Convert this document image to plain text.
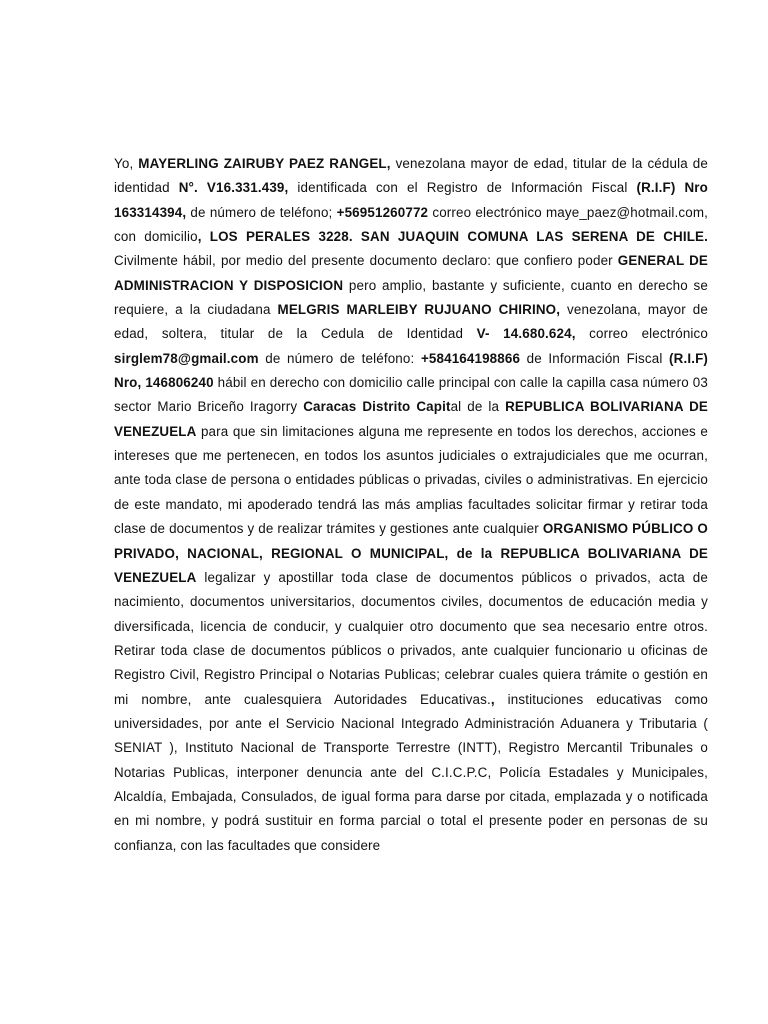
Yo, MAYERLING ZAIRUBY PAEZ RANGEL, venezolana mayor de edad, titular de la cédula de identidad N°. V16.331.439, identificada con el Registro de Información Fiscal (R.I.F) Nro 163314394, de número de teléfono; +56951260772 correo electrónico maye_paez@hotmail.com, con domicilio, LOS PERALES 3228. SAN JUAQUIN COMUNA LAS SERENA DE CHILE. Civilmente hábil, por medio del presente documento declaro: que confiero poder GENERAL DE ADMINISTRACION Y DISPOSICION pero amplio, bastante y suficiente, cuanto en derecho se requiere, a la ciudadana MELGRIS MARLEIBY RUJUANO CHIRINO, venezolana, mayor de edad, soltera, titular de la Cedula de Identidad V- 14.680.624, correo electrónico sirglem78@gmail.com de número de teléfono: +584164198866 de Información Fiscal (R.I.F) Nro, 146806240 hábil en derecho con domicilio calle principal con calle la capilla casa número 03 sector Mario Briceño Iragorry Caracas Distrito Capital de la REPUBLICA BOLIVARIANA DE VENEZUELA para que sin limitaciones alguna me represente en todos los derechos, acciones e intereses que me pertenecen, en todos los asuntos judiciales o extrajudiciales que me ocurran, ante toda clase de persona o entidades públicas o privadas, civiles o administrativas. En ejercicio de este mandato, mi apoderado tendrá las más amplias facultades solicitar firmar y retirar toda clase de documentos y de realizar trámites y gestiones ante cualquier ORGANISMO PÚBLICO O PRIVADO, NACIONAL, REGIONAL O MUNICIPAL, de la REPUBLICA BOLIVARIANA DE VENEZUELA legalizar y apostillar toda clase de documentos públicos o privados, acta de nacimiento, documentos universitarios, documentos civiles, documentos de educación media y diversificada, licencia de conducir, y cualquier otro documento que sea necesario entre otros. Retirar toda clase de documentos públicos o privados, ante cualquier funcionario u oficinas de Registro Civil, Registro Principal o Notarias Publicas; celebrar cuales quiera trámite o gestión en mi nombre, ante cualesquiera Autoridades Educativas., instituciones educativas como universidades, por ante el Servicio Nacional Integrado Administración Aduanera y Tributaria ( SENIAT ), Instituto Nacional de Transporte Terrestre (INTT), Registro Mercantil Tribunales o Notarias Publicas, interponer denuncia ante del C.I.C.P.C, Policía Estadales y Municipales, Alcaldía, Embajada, Consulados, de igual forma para darse por citada, emplazada y o notificada en mi nombre, y podrá sustituir en forma parcial o total el presente poder en personas de su confianza, con las facultades que considere
